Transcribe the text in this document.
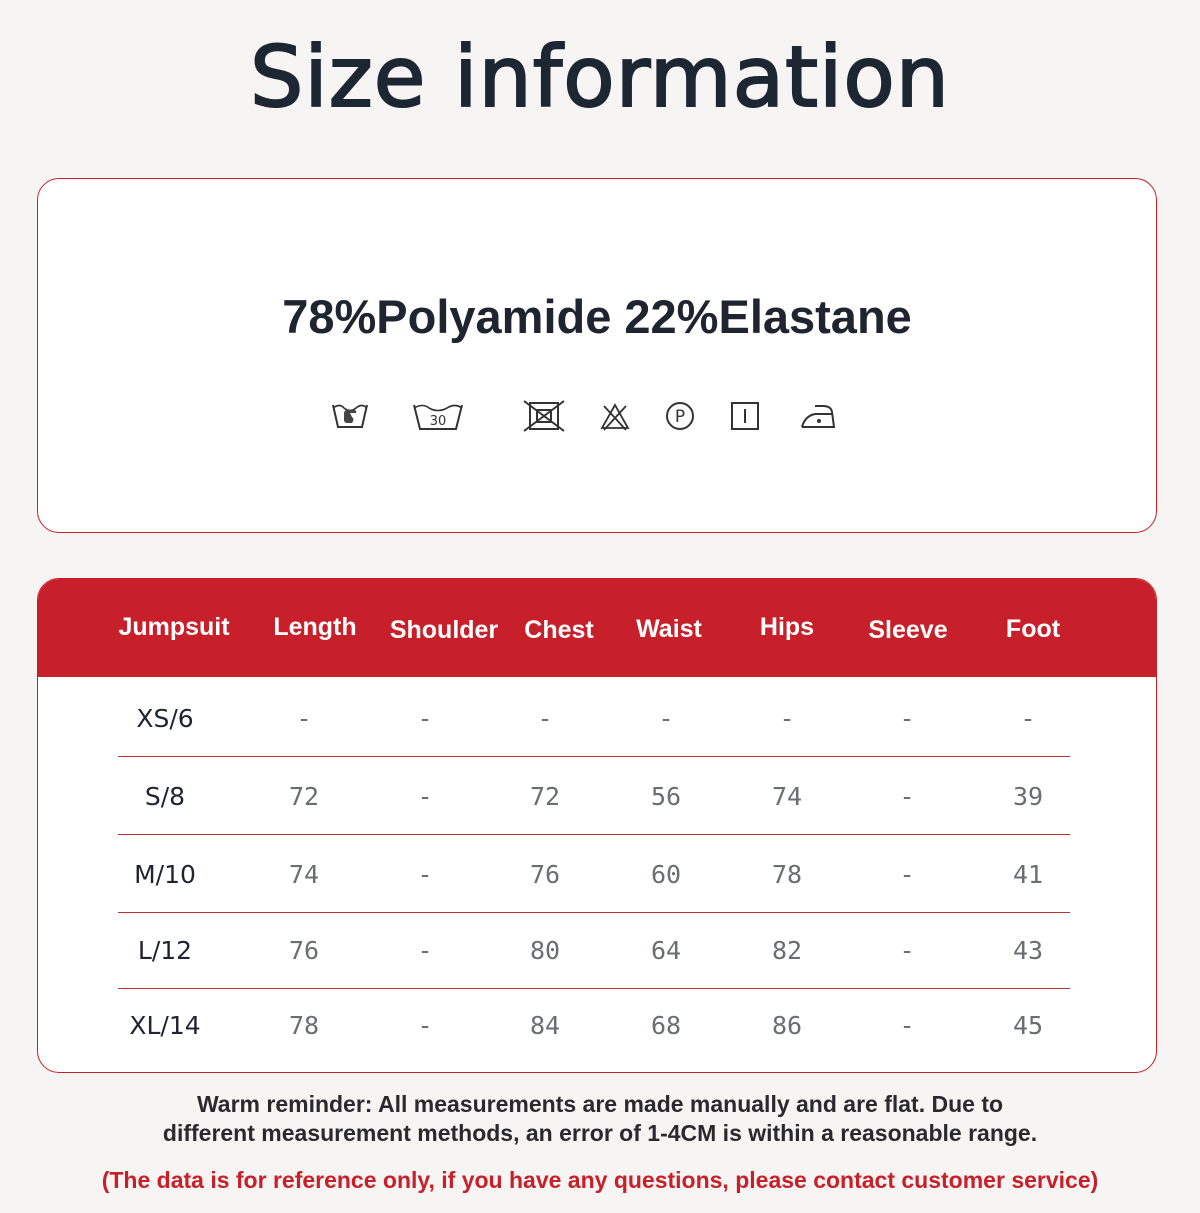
Size information
78%Polyamide 22%Elastane
30	P
Jumpsuit	Length	Shoulder	Chest	Waist	Hips	Sleeve	Foot
XS/6	-	-	-	-	-	-	-
S/8	72	-	72	56	74	-	39
M/10	74	-	76	60	78	-	41
L/12	76	-	80	64	82	-	43
XL/14	78	-	84	68	86	-	45
Warm reminder: All measurements are made manually and are flat. Due to
different measurement methods, an error of 1-4CM is within a reasonable range.
(The data is for reference only, if you have any questions, please contact customer service)
